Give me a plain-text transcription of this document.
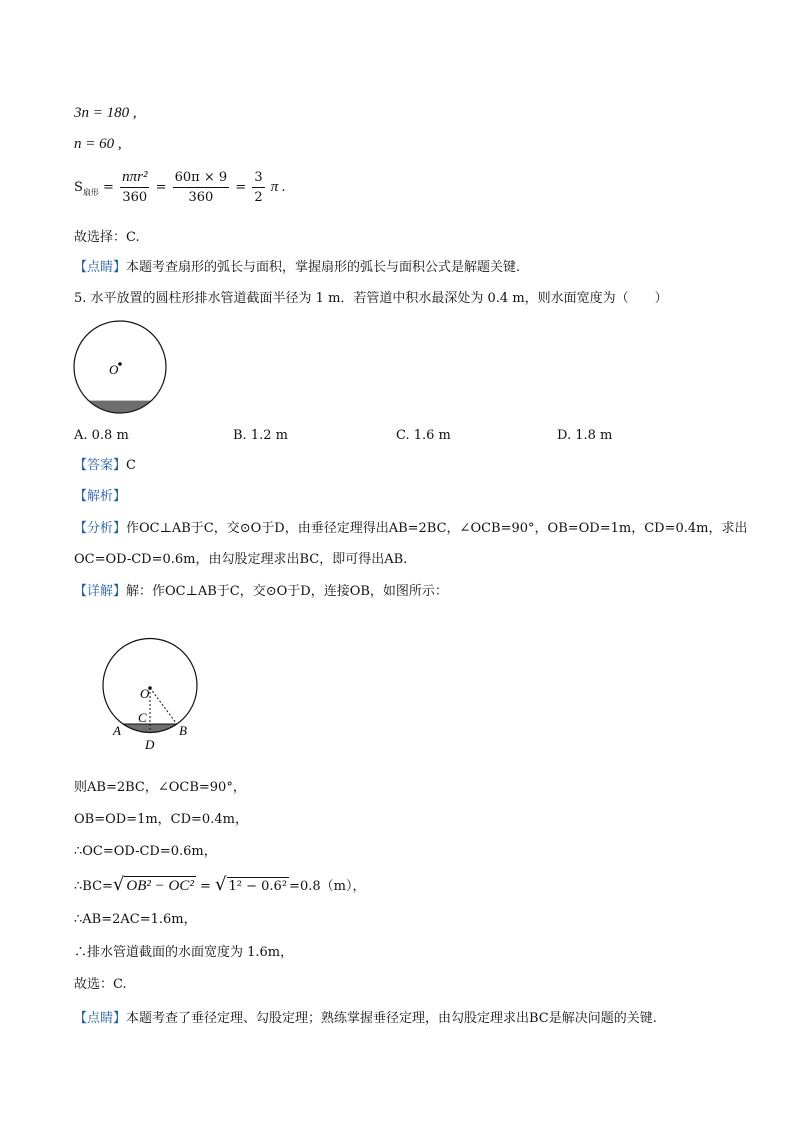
3n = 180 ,
n = 60 ,
$S_{扇形} = \frac{\text{nπr²}}{360} = \frac{60\pi \times 9}{360} = \frac{3}{2}$ π .
故选择：C.
【点睛】本题考查扇形的弧长与面积，掌握扇形的弧长与面积公式是解题关键.
5. 水平放置的圆柱形排水管道截面半径为 1 m．若管道中积水最深处为 0.4 m，则水面宽度为（　　）
O
A. 0.8 m	B. 1.2 m	C. 1.6 m	D. 1.8 m
【答案】C
【解析】
【分析】作OC⊥AB于C，交⊙O于D，由垂径定理得出AB=2BC，∠OCB=90°，OB=OD=1m，CD=0.4m，求出
OC=OD-CD=0.6m，由勾股定理求出BC，即可得出AB.
【详解】解：作OC⊥AB于C，交⊙O于D，连接OB，如图所示：
O
C
A	B
D
则AB=2BC，∠OCB=90°，
OB=OD=1m，CD=0.4m，
∴OC=OD-CD=0.6m，
∴BC=√ OB² − OC² = √ 1² − 0.6² =0.8（m），
∴AB=2AC=1.6m，
∴排水管道截面的水面宽度为 1.6m，
故选：C.
【点睛】本题考查了垂径定理、勾股定理；熟练掌握垂径定理，由勾股定理求出BC是解决问题的关键.
